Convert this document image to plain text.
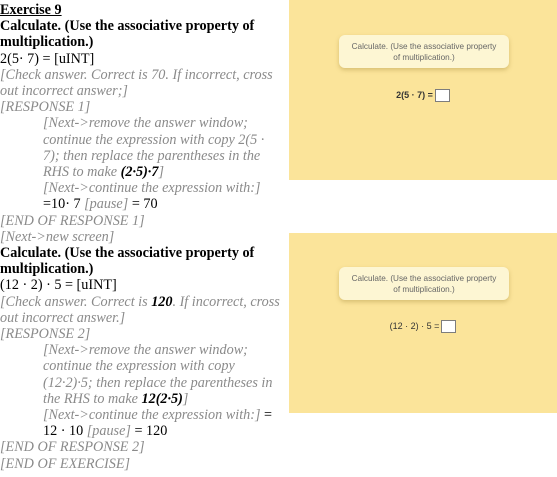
Exercise 9
Calculate. (Use the associative property of multiplication.)
2(5· 7) = [uINT]
[Check answer. Correct is 70. If incorrect, cross out incorrect answer;]
[RESPONSE 1]
[Next->remove the answer window; continue the expression with copy 2(5 · 7); then replace the parentheses in the RHS to make (2·5)·7]
[Next->continue the expression with:]
=10· 7 [pause] = 70
[END OF RESPONSE 1]
[Next->new screen]
Calculate. (Use the associative property of multiplication.)
(12 · 2) · 5 = [uINT]
[Check answer. Correct is 120. If incorrect, cross out incorrect answer.]
[RESPONSE 2]
[Next->remove the answer window; continue the expression with copy (12·2)·5; then replace the parentheses in the RHS to make 12(2·5)]
[Next->continue the expression with:] =
12 · 10 [pause] = 120
[END OF RESPONSE 2]
[END OF EXERCISE]
Calculate. (Use the associative property of multiplication.)
2(5 · 7) =
Calculate. (Use the associative property of multiplication.)
(12 · 2) · 5 =
